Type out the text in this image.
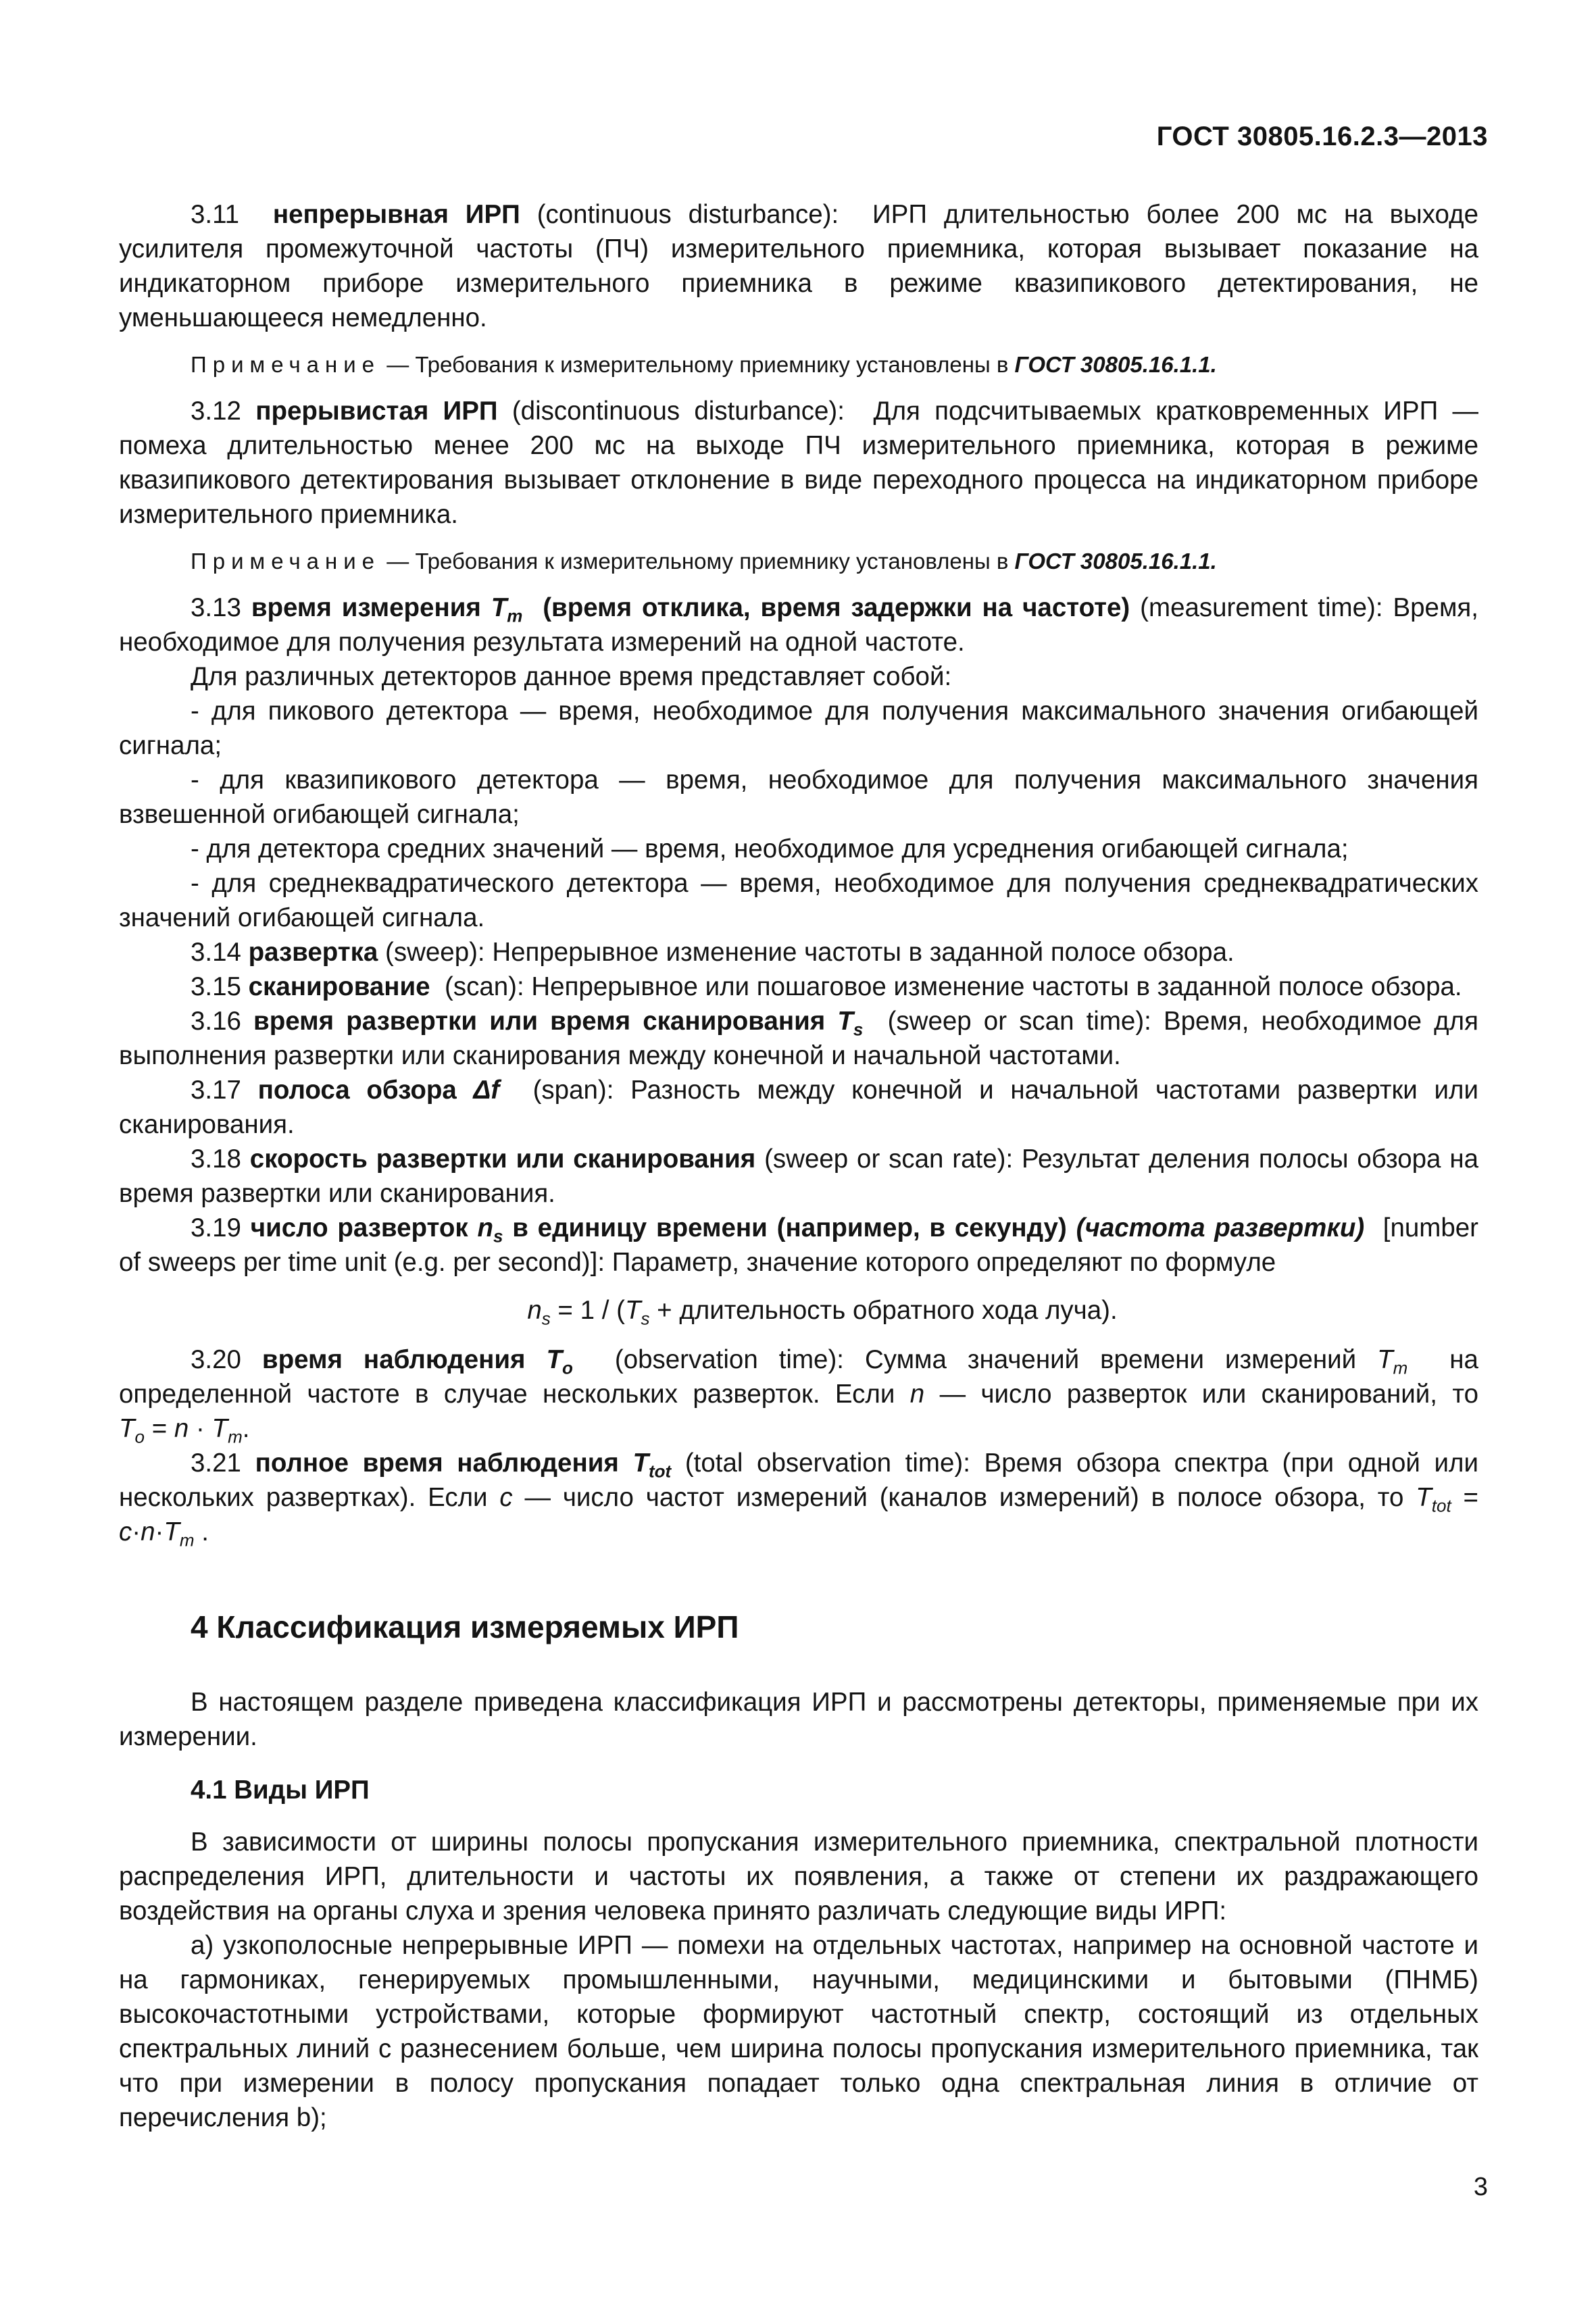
ГОСТ 30805.16.2.3—2013

3.11 непрерывная ИРП (continuous disturbance): ИРП длительностью более 200 мс на выходе усилителя промежуточной частоты (ПЧ) измерительного приемника, которая вызывает показание на индикаторном приборе измерительного приемника в режиме квазипикового детектирования, не уменьшающееся немедленно.

Примечание — Требования к измерительному приемнику установлены в ГОСТ 30805.16.1.1.

3.12 прерывистая ИРП (discontinuous disturbance): Для подсчитываемых кратковременных ИРП — помеха длительностью менее 200 мс на выходе ПЧ измерительного приемника, которая в режиме квазипикового детектирования вызывает отклонение в виде переходного процесса на индикаторном приборе измерительного приемника.

Примечание — Требования к измерительному приемнику установлены в ГОСТ 30805.16.1.1.

3.13 время измерения $T_m$ (время отклика, время задержки на частоте) (measurement time): Время, необходимое для получения результата измерений на одной частоте.

Для различных детекторов данное время представляет собой:

- для пикового детектора — время, необходимое для получения максимального значения огибающей сигнала;

- для квазипикового детектора — время, необходимое для получения максимального значения взвешенной огибающей сигнала;

- для детектора средних значений — время, необходимое для усреднения огибающей сигнала;

- для среднеквадратического детектора — время, необходимое для получения среднеквадратических значений огибающей сигнала.

3.14 развертка (sweep): Непрерывное изменение частоты в заданной полосе обзора.

3.15 сканирование (scan): Непрерывное или пошаговое изменение частоты в заданной полосе обзора.

3.16 время развертки или время сканирования $T_s$ (sweep or scan time): Время, необходимое для выполнения развертки или сканирования между конечной и начальной частотами.

3.17 полоса обзора Δf (span): Разность между конечной и начальной частотами развертки или сканирования.

3.18 скорость развертки или сканирования (sweep or scan rate): Результат деления полосы обзора на время развертки или сканирования.

3.19 число разверток $n_s$ в единицу времени (например, в секунду) (частота развертки) [number of sweeps per time unit (e.g. per second)]: Параметр, значение которого определяют по формуле

$n_s = 1 / (T_s$ + длительность обратного хода луча).

3.20 время наблюдения $T_o$ (observation time): Сумма значений времени измерений $T_m$ на определенной частоте в случае нескольких разверток. Если n — число разверток или сканирований, то $T_o = n \cdot T_m$.

3.21 полное время наблюдения $T_{tot}$ (total observation time): Время обзора спектра (при одной или нескольких развертках). Если c — число частот измерений (каналов измерений) в полосе обзора, то $T_{tot} = c\cdot n\cdot T_m$ .

4 Классификация измеряемых ИРП

В настоящем разделе приведена классификация ИРП и рассмотрены детекторы, применяемые при их измерении.

4.1 Виды ИРП

В зависимости от ширины полосы пропускания измерительного приемника, спектральной плотности распределения ИРП, длительности и частоты их появления, а также от степени их раздражающего воздействия на органы слуха и зрения человека принято различать следующие виды ИРП:

а) узкополосные непрерывные ИРП — помехи на отдельных частотах, например на основной частоте и на гармониках, генерируемых промышленными, научными, медицинскими и бытовыми (ПНМБ) высокочастотными устройствами, которые формируют частотный спектр, состоящий из отдельных спектральных линий с разнесением больше, чем ширина полосы пропускания измерительного приемника, так что при измерении в полосу пропускания попадает только одна спектральная линия в отличие от перечисления b);

3
